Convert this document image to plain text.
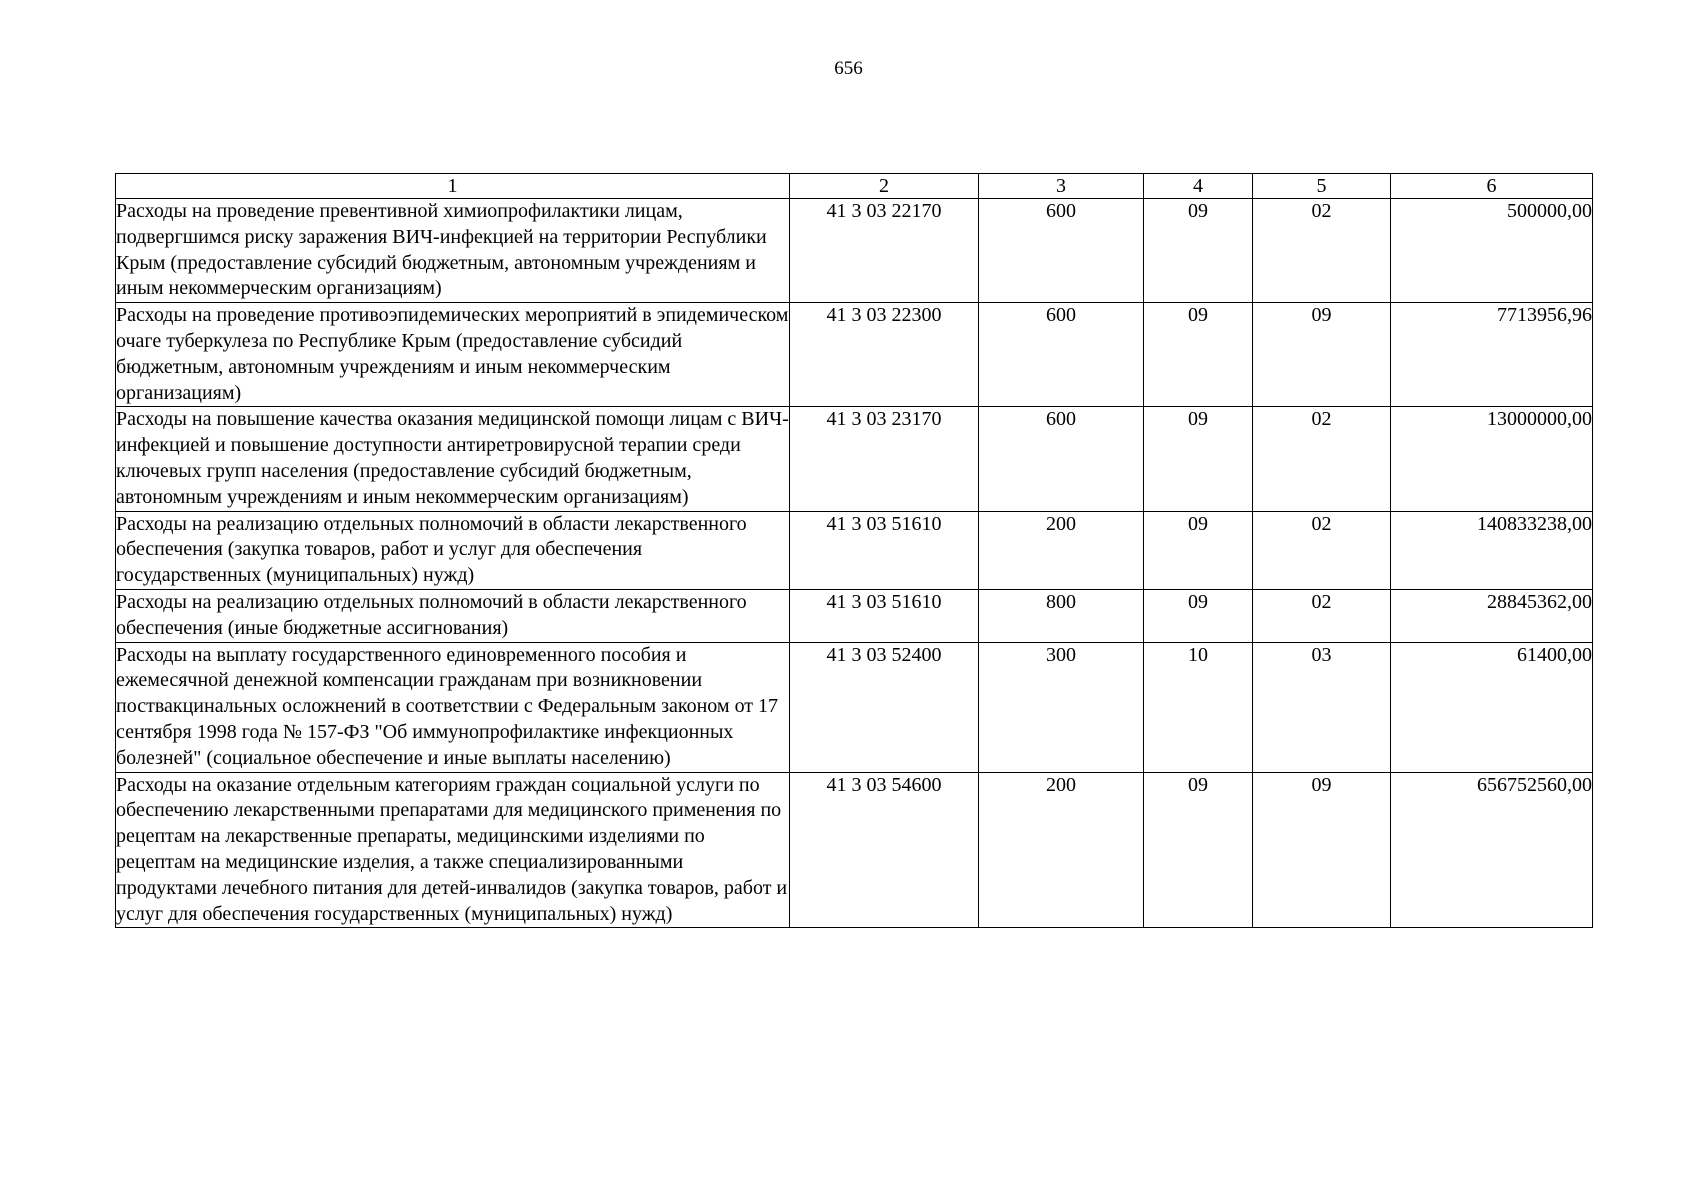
656
1	2	3	4	5	6
Расходы на проведение превентивной химиопрофилактики лицам, подвергшимся риску заражения ВИЧ-инфекцией на территории Республики Крым (предоставление субсидий бюджетным, автономным учреждениям и иным некоммерческим организациям)	41 3 03 22170	600	09	02	500000,00
Расходы на проведение противоэпидемических мероприятий в эпидемическом очаге туберкулеза по Республике Крым (предоставление субсидий бюджетным, автономным учреждениям и иным некоммерческим организациям)	41 3 03 22300	600	09	09	7713956,96
Расходы на повышение качества оказания медицинской помощи лицам с ВИЧ-инфекцией и повышение доступности антиретровирусной терапии среди ключевых групп населения (предоставление субсидий бюджетным, автономным учреждениям и иным некоммерческим организациям)	41 3 03 23170	600	09	02	13000000,00
Расходы на реализацию отдельных полномочий в области лекарственного обеспечения (закупка товаров, работ и услуг для обеспечения государственных (муниципальных) нужд)	41 3 03 51610	200	09	02	140833238,00
Расходы на реализацию отдельных полномочий в области лекарственного обеспечения (иные бюджетные ассигнования)	41 3 03 51610	800	09	02	28845362,00
Расходы на выплату государственного единовременного пособия и ежемесячной денежной компенсации гражданам при возникновении поствакцинальных осложнений в соответствии с Федеральным законом от 17 сентября 1998 года № 157-ФЗ "Об иммунопрофилактике инфекционных болезней" (социальное обеспечение и иные выплаты населению)	41 3 03 52400	300	10	03	61400,00
Расходы на оказание отдельным категориям граждан социальной услуги по обеспечению лекарственными препаратами для медицинского применения по рецептам на лекарственные препараты, медицинскими изделиями по рецептам на медицинские изделия, а также специализированными продуктами лечебного питания для детей-инвалидов (закупка товаров, работ и услуг для обеспечения государственных (муниципальных) нужд)	41 3 03 54600	200	09	09	656752560,00
